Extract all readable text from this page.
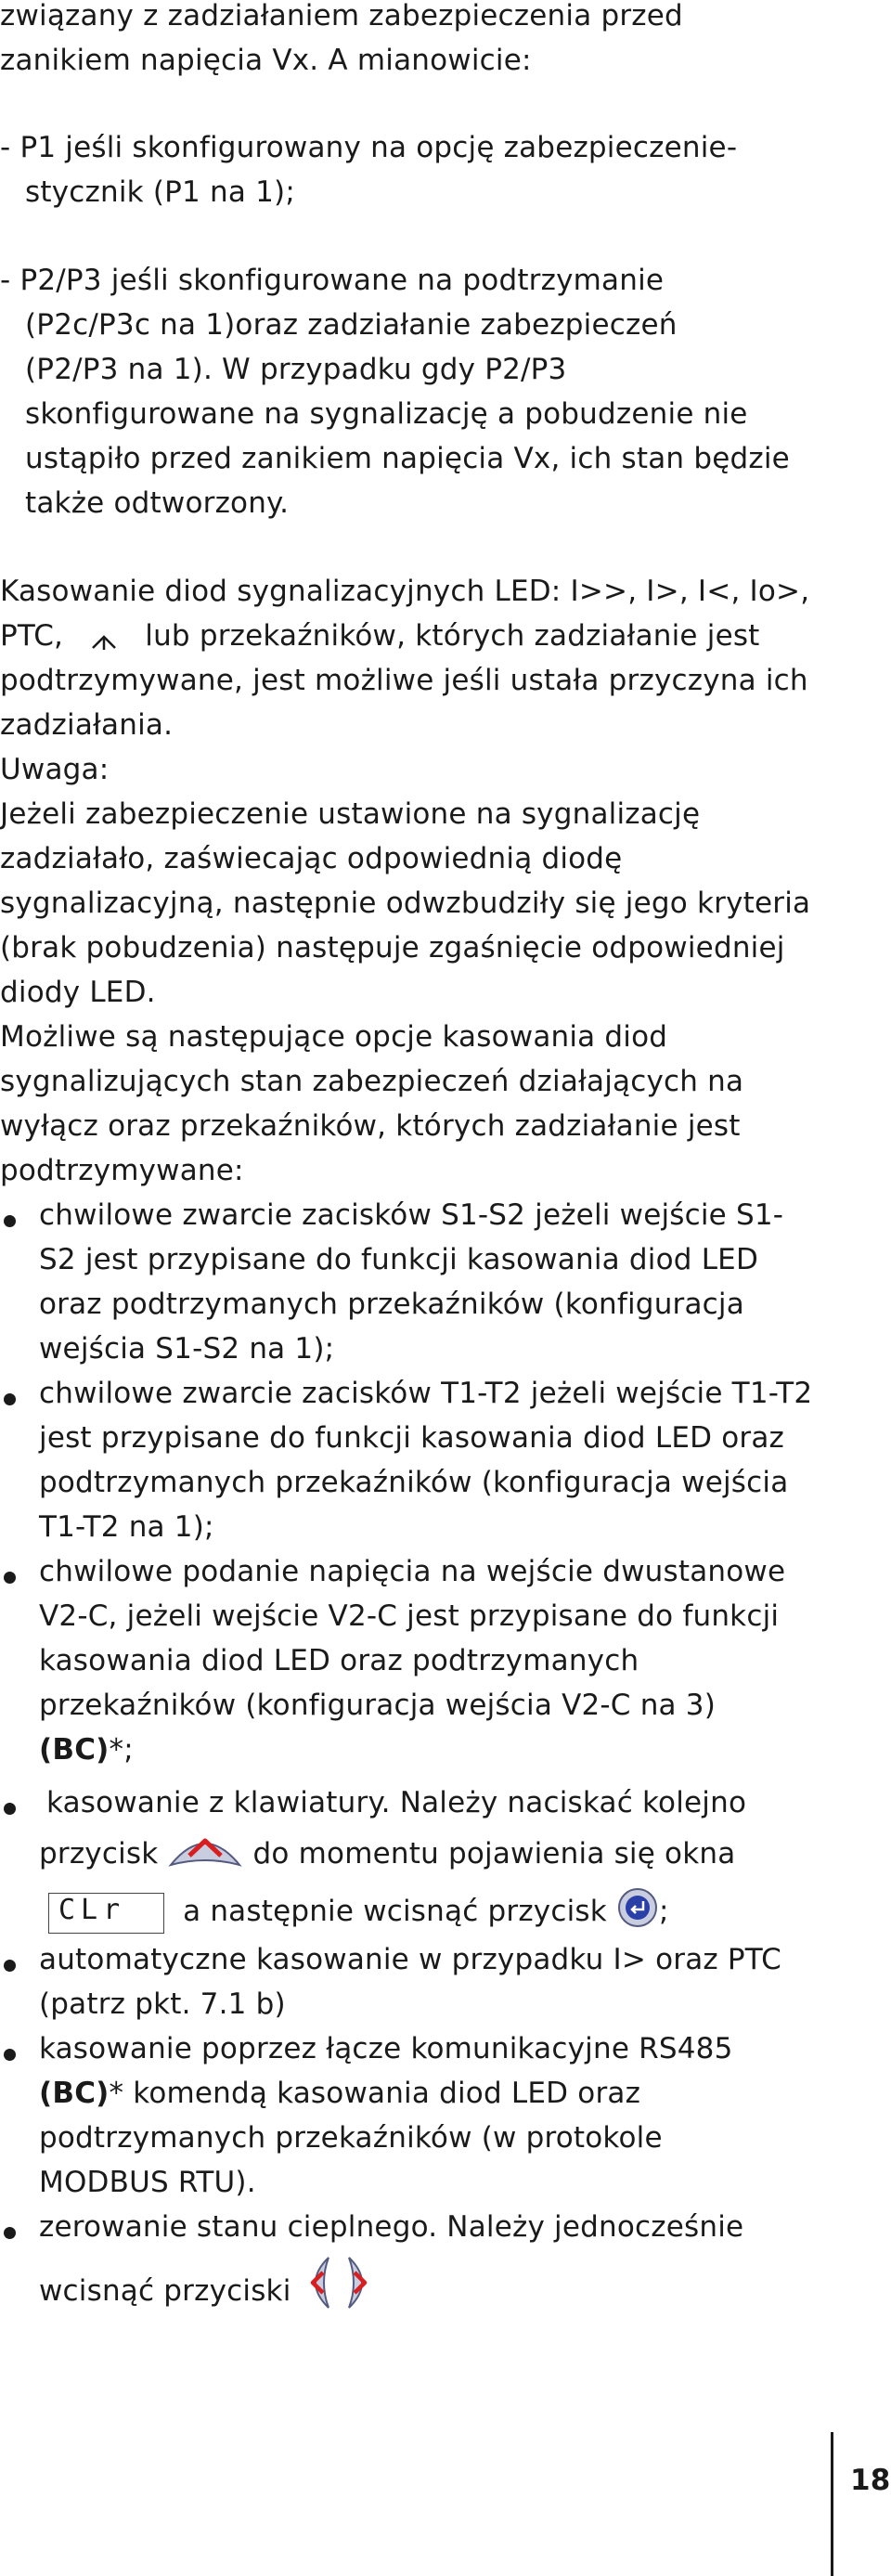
związany z zadziałaniem zabezpieczenia przed

zanikiem napięcia Vx. A mianowicie:

- P1 jeśli skonfigurowany na opcję zabezpieczenie-

stycznik (P1 na 1);

- P2/P3 jeśli skonfigurowane na podtrzymanie

(P2c/P3c na 1)oraz zadziałanie zabezpieczeń

(P2/P3 na 1). W przypadku gdy P2/P3

skonfigurowane na sygnalizację a pobudzenie nie

ustąpiło przed zanikiem napięcia Vx, ich stan będzie

także odtworzony.

Kasowanie diod sygnalizacyjnych LED: I>>, I>, I<, Io>,

PTC,	lub przekaźników, których zadziałanie jest

podtrzymywane, jest możliwe jeśli ustała przyczyna ich

zadziałania.

Uwaga:

Jeżeli zabezpieczenie ustawione na sygnalizację

zadziałało, zaświecając odpowiednią diodę

sygnalizacyjną, następnie odwzbudziły się jego kryteria

(brak pobudzenia) następuje zgaśnięcie odpowiedniej

diody LED.

Możliwe są następujące opcje kasowania diod

sygnalizujących stan zabezpieczeń działających na

wyłącz oraz przekaźników, których zadziałanie jest

podtrzymywane:

chwilowe zwarcie zacisków S1-S2 jeżeli wejście S1-

S2 jest przypisane do funkcji kasowania diod LED

oraz podtrzymanych przekaźników (konfiguracja

wejścia S1-S2 na 1);

chwilowe zwarcie zacisków T1-T2 jeżeli wejście T1-T2

jest przypisane do funkcji kasowania diod LED oraz

podtrzymanych przekaźników (konfiguracja wejścia

T1-T2 na 1);

chwilowe podanie napięcia na wejście dwustanowe

V2-C, jeżeli wejście V2-C jest przypisane do funkcji

kasowania diod LED oraz podtrzymanych

przekaźników (konfiguracja wejścia V2-C na 3)

(BC)*;

kasowanie z klawiatury. Należy naciskać kolejno

przycisk	do momentu pojawienia się okna

CLr a następnie wcisnąć przycisk ;

automatyczne kasowanie w przypadku I> oraz PTC

(patrz pkt. 7.1 b)

kasowanie poprzez łącze komunikacyjne RS485

(BC)* komendą kasowania diod LED oraz

podtrzymanych przekaźników (w protokole

MODBUS RTU).

zerowanie stanu cieplnego. Należy jednocześnie

wcisnąć przyciski

18
